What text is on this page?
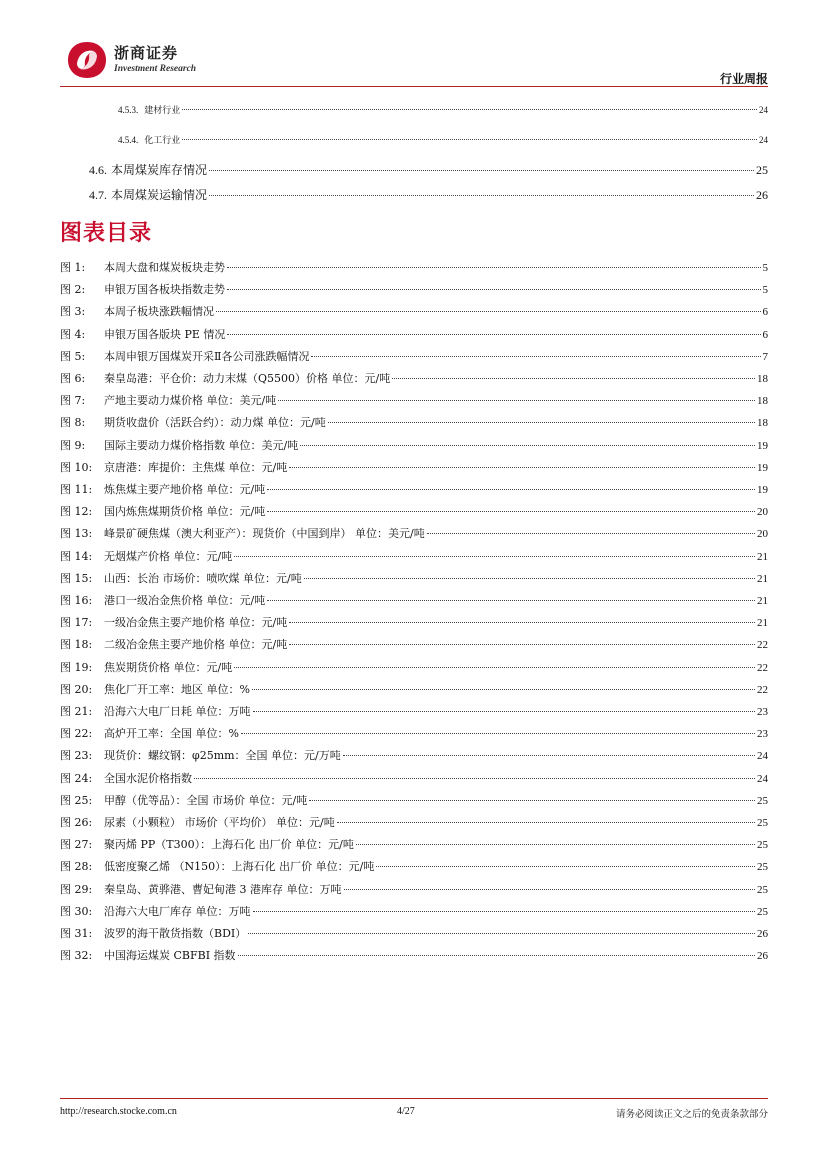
浙商证券
Investment Research
行业周报
4.5.3. 建材行业	24
4.5.4. 化工行业	24
4.6. 本周煤炭库存情况	25
4.7. 本周煤炭运输情况	26
图表目录
图 1:	本周大盘和煤炭板块走势	5
图 2:	申银万国各板块指数走势	5
图 3:	本周子板块涨跌幅情况	6
图 4:	申银万国各版块 PE 情况	6
图 5:	本周申银万国煤炭开采Ⅱ各公司涨跌幅情况	7
图 6:	秦皇岛港：平仓价：动力末煤（Q5500）价格 单位：元/吨	18
图 7:	产地主要动力煤价格 单位：美元/吨	18
图 8:	期货收盘价（活跃合约）：动力煤 单位：元/吨	18
图 9:	国际主要动力煤价格指数 单位：美元/吨	19
图 10:	京唐港：库提价：主焦煤 单位：元/吨	19
图 11:	炼焦煤主要产地价格 单位：元/吨	19
图 12:	国内炼焦煤期货价格 单位：元/吨	20
图 13:	峰景矿硬焦煤（澳大利亚产）：现货价（中国到岸） 单位：美元/吨	20
图 14:	无烟煤产价格 单位：元/吨	21
图 15:	山西：长治 市场价：喷吹煤 单位：元/吨	21
图 16:	港口一级冶金焦价格 单位：元/吨	21
图 17:	一级冶金焦主要产地价格 单位：元/吨	21
图 18:	二级冶金焦主要产地价格 单位：元/吨	22
图 19:	焦炭期货价格 单位：元/吨	22
图 20:	焦化厂开工率：地区 单位：%	22
图 21:	沿海六大电厂日耗 单位：万吨	23
图 22:	高炉开工率：全国 单位：%	23
图 23:	现货价：螺纹钢：φ25mm：全国 单位：元/万吨	24
图 24:	全国水泥价格指数	24
图 25:	甲醇（优等品）：全国 市场价 单位：元/吨	25
图 26:	尿素（小颗粒） 市场价（平均价） 单位：元/吨	25
图 27:	聚丙烯 PP（T300）：上海石化 出厂价 单位：元/吨	25
图 28:	低密度聚乙烯 （N150）：上海石化 出厂价 单位：元/吨	25
图 29:	秦皇岛、黄骅港、曹妃甸港 3 港库存 单位：万吨	25
图 30:	沿海六大电厂库存 单位：万吨	25
图 31:	波罗的海干散货指数（BDI）	26
图 32:	中国海运煤炭 CBFBI 指数	26
http://research.stocke.com.cn	4/27	请务必阅读正文之后的免责条款部分
